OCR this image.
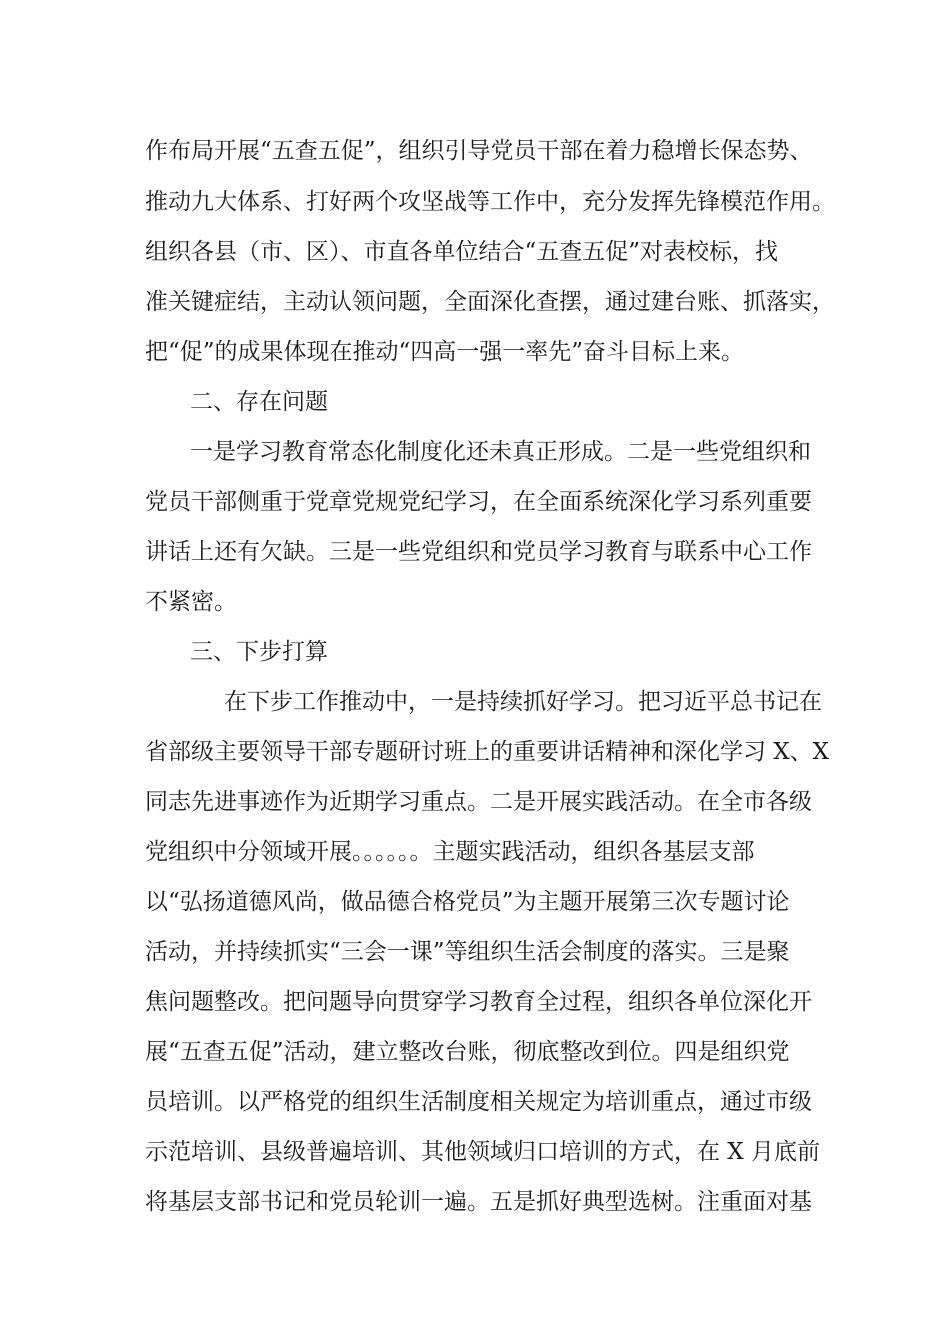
作布局开展“五查五促”，组织引导党员干部在着力稳增长保态势、
推动九大体系、打好两个攻坚战等工作中，充分发挥先锋模范作用。
组织各县（市、区）、市直各单位结合“五查五促”对表校标，找
准关键症结，主动认领问题，全面深化查摆，通过建台账、抓落实，
把“促”的成果体现在推动“四高一强一率先”奋斗目标上来。
二、存在问题
一是学习教育常态化制度化还未真正形成。二是一些党组织和
党员干部侧重于党章党规党纪学习，在全面系统深化学习系列重要
讲话上还有欠缺。三是一些党组织和党员学习教育与联系中心工作
不紧密。
三、下步打算
在下步工作推动中，一是持续抓好学习。把习近平总书记在
省部级主要领导干部专题研讨班上的重要讲话精神和深化学习 X、X
同志先进事迹作为近期学习重点。二是开展实践活动。在全市各级
党组织中分领域开展。。。。。。主题实践活动，组织各基层支部
以“弘扬道德风尚，做品德合格党员”为主题开展第三次专题讨论
活动，并持续抓实“三会一课”等组织生活会制度的落实。三是聚
焦问题整改。把问题导向贯穿学习教育全过程，组织各单位深化开
展“五查五促”活动，建立整改台账，彻底整改到位。四是组织党
员培训。以严格党的组织生活制度相关规定为培训重点，通过市级
示范培训、县级普遍培训、其他领域归口培训的方式，在 X 月底前
将基层支部书记和党员轮训一遍。五是抓好典型选树。注重面对基
